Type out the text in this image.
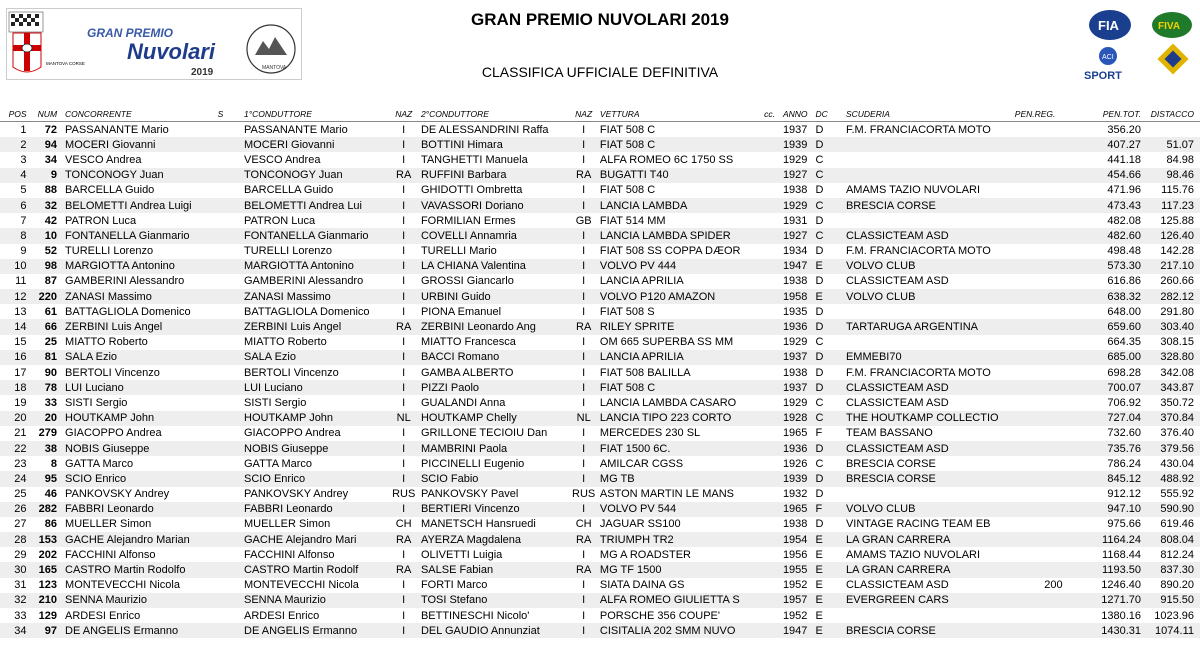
MANTOVA CORSE
GRAN PREMIO
Nuvolari
2019	MANTOVA
GRAN PREMIO NUVOLARI 2019
CLASSIFICA UFFICIALE DEFINITIVA
FIA	FIVA
ACI
SPORT
POS	NUM	CONCORRENTE	S	1°CONDUTTORE	NAZ	2°CONDUTTORE	NAZ	VETTURA	cc.	ANNO	DC	SCUDERIA	PEN.REG.	PEN.TOT.	DISTACCO
1	72	PASSANANTE Mario		PASSANANTE Mario	I	DE ALESSANDRINI Raffa	I	FIAT 508 C		1937	D	F.M. FRANCIACORTA MOTO		356.20	
2	94	MOCERI Giovanni		MOCERI Giovanni	I	BOTTINI Himara	I	FIAT 508 C		1939	D			407.27	51.07
3	34	VESCO Andrea		VESCO Andrea	I	TANGHETTI Manuela	I	ALFA ROMEO 6C 1750 SS		1929	C			441.18	84.98
4	9	TONCONOGY Juan		TONCONOGY Juan	RA	RUFFINI Barbara	RA	BUGATTI T40		1927	C			454.66	98.46
5	88	BARCELLA Guido		BARCELLA Guido	I	GHIDOTTI Ombretta	I	FIAT 508 C		1938	D	AMAMS TAZIO NUVOLARI		471.96	115.76
6	32	BELOMETTI Andrea Luigi		BELOMETTI Andrea Lui	I	VAVASSORI Doriano	I	LANCIA LAMBDA		1929	C	BRESCIA CORSE		473.43	117.23
7	42	PATRON Luca		PATRON Luca	I	FORMILIAN Ermes	GB	FIAT 514 MM		1931	D			482.08	125.88
8	10	FONTANELLA Gianmario		FONTANELLA Gianmario	I	COVELLI Annamria	I	LANCIA LAMBDA SPIDER		1927	C	CLASSICTEAM ASD		482.60	126.40
9	52	TURELLI Lorenzo		TURELLI Lorenzo	I	TURELLI Mario	I	FIAT 508 SS COPPA DÆOR		1934	D	F.M. FRANCIACORTA MOTO		498.48	142.28
10	98	MARGIOTTA Antonino		MARGIOTTA Antonino	I	LA CHIANA Valentina	I	VOLVO PV 444		1947	E	VOLVO CLUB		573.30	217.10
11	87	GAMBERINI Alessandro		GAMBERINI Alessandro	I	GROSSI Giancarlo	I	LANCIA APRILIA		1938	D	CLASSICTEAM ASD		616.86	260.66
12	220	ZANASI Massimo		ZANASI Massimo	I	URBINI Guido	I	VOLVO P120 AMAZON		1958	E	VOLVO CLUB		638.32	282.12
13	61	BATTAGLIOLA Domenico		BATTAGLIOLA Domenico	I	PIONA Emanuel	I	FIAT 508 S		1935	D			648.00	291.80
14	66	ZERBINI Luis Angel		ZERBINI Luis Angel	RA	ZERBINI Leonardo Ang	RA	RILEY SPRITE		1936	D	TARTARUGA ARGENTINA		659.60	303.40
15	25	MIATTO Roberto		MIATTO Roberto	I	MIATTO Francesca	I	OM 665 SUPERBA SS MM		1929	C			664.35	308.15
16	81	SALA Ezio		SALA Ezio	I	BACCI Romano	I	LANCIA APRILIA		1937	D	EMMEBI70		685.00	328.80
17	90	BERTOLI Vincenzo		BERTOLI Vincenzo	I	GAMBA ALBERTO	I	FIAT 508 BALILLA		1938	D	F.M. FRANCIACORTA MOTO		698.28	342.08
18	78	LUI Luciano		LUI Luciano	I	PIZZI Paolo	I	FIAT 508 C		1937	D	CLASSICTEAM ASD		700.07	343.87
19	33	SISTI Sergio		SISTI Sergio	I	GUALANDI Anna	I	LANCIA LAMBDA CASARO		1929	C	CLASSICTEAM ASD		706.92	350.72
20	20	HOUTKAMP John		HOUTKAMP John	NL	HOUTKAMP Chelly	NL	LANCIA TIPO 223 CORTO		1928	C	THE HOUTKAMP COLLECTIO		727.04	370.84
21	279	GIACOPPO Andrea		GIACOPPO Andrea	I	GRILLONE TECIOIU Dan	I	MERCEDES 230 SL		1965	F	TEAM BASSANO		732.60	376.40
22	38	NOBIS Giuseppe		NOBIS Giuseppe	I	MAMBRINI Paola	I	FIAT 1500 6C.		1936	D	CLASSICTEAM ASD		735.76	379.56
23	8	GATTA Marco		GATTA Marco	I	PICCINELLI Eugenio	I	AMILCAR CGSS		1926	C	BRESCIA CORSE		786.24	430.04
24	95	SCIO Enrico		SCIO Enrico	I	SCIO Fabio	I	MG TB		1939	D	BRESCIA CORSE		845.12	488.92
25	46	PANKOVSKY Andrey		PANKOVSKY Andrey	RUS	PANKOVSKY Pavel	RUS	ASTON MARTIN LE MANS		1932	D			912.12	555.92
26	282	FABBRI Leonardo		FABBRI Leonardo	I	BERTIERI Vincenzo	I	VOLVO PV 544		1965	F	VOLVO CLUB		947.10	590.90
27	86	MUELLER Simon		MUELLER Simon	CH	MANETSCH Hansruedi	CH	JAGUAR SS100		1938	D	VINTAGE RACING TEAM EB		975.66	619.46
28	153	GACHE Alejandro Marian		GACHE Alejandro Mari	RA	AYERZA Magdalena	RA	TRIUMPH TR2		1954	E	LA GRAN CARRERA		1164.24	808.04
29	202	FACCHINI Alfonso		FACCHINI Alfonso	I	OLIVETTI Luigia	I	MG A ROADSTER		1956	E	AMAMS TAZIO NUVOLARI		1168.44	812.24
30	165	CASTRO Martin Rodolfo		CASTRO Martin Rodolf	RA	SALSE Fabian	RA	MG TF 1500		1955	E	LA GRAN CARRERA		1193.50	837.30
31	123	MONTEVECCHI Nicola		MONTEVECCHI Nicola	I	FORTI Marco	I	SIATA DAINA GS		1952	E	CLASSICTEAM ASD	200	1246.40	890.20
32	210	SENNA Maurizio		SENNA Maurizio	I	TOSI Stefano	I	ALFA ROMEO GIULIETTA S		1957	E	EVERGREEN CARS		1271.70	915.50
33	129	ARDESI Enrico		ARDESI Enrico	I	BETTINESCHI Nicolo'	I	PORSCHE 356 COUPE'		1952	E			1380.16	1023.96
34	97	DE ANGELIS Ermanno		DE ANGELIS Ermanno	I	DEL GAUDIO Annunziat	I	CISITALIA 202 SMM NUVO		1947	E	BRESCIA CORSE		1430.31	1074.11
